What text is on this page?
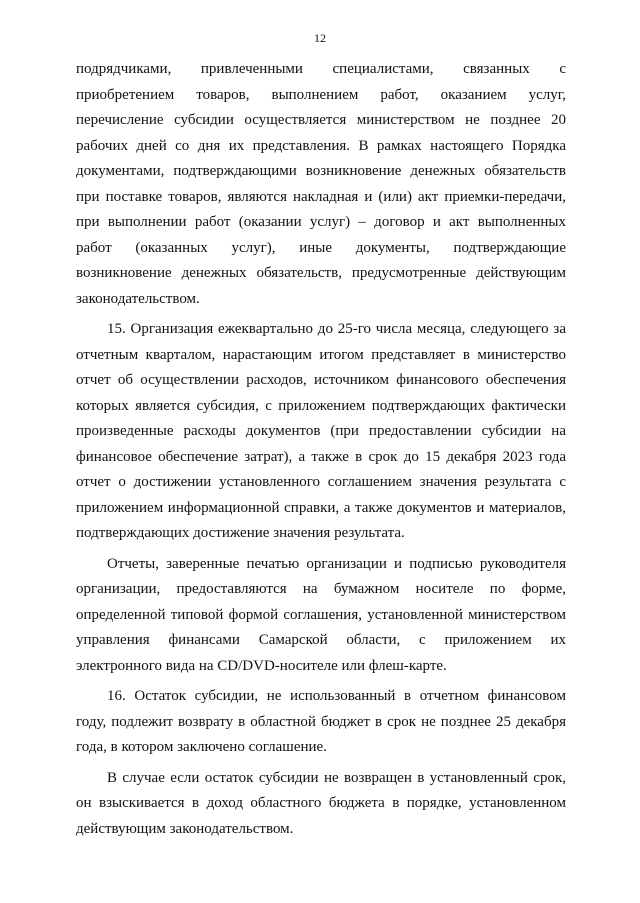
12
подрядчиками, привлеченными специалистами, связанных с
приобретением товаров, выполнением работ, оказанием услуг,
перечисление субсидии осуществляется министерством не позднее 20
рабочих дней со дня их представления. В рамках настоящего Порядка
документами, подтверждающими возникновение денежных обязательств
при поставке товаров, являются накладная и (или) акт приемки-передачи,
при выполнении работ (оказании услуг) – договор и акт выполненных
работ (оказанных услуг), иные документы, подтверждающие
возникновение денежных обязательств, предусмотренные действующим
законодательством.
15. Организация ежеквартально до 25-го числа месяца, следующего за
отчетным кварталом, нарастающим итогом представляет в министерство
отчет об осуществлении расходов, источником финансового обеспечения
которых является субсидия, с приложением подтверждающих фактически
произведенные расходы документов (при предоставлении субсидии на
финансовое обеспечение затрат), а также в срок до 15 декабря 2023 года
отчет о достижении установленного соглашением значения результата с
приложением информационной справки, а также документов и материалов,
подтверждающих достижение значения результата.
Отчеты, заверенные печатью организации и подписью руководителя
организации, предоставляются на бумажном носителе по форме,
определенной типовой формой соглашения, установленной министерством
управления финансами Самарской области, с приложением их
электронного вида на CD/DVD-носителе или флеш-карте.
16. Остаток субсидии, не использованный в отчетном финансовом
году, подлежит возврату в областной бюджет в срок не позднее 25 декабря
года, в котором заключено соглашение.
В случае если остаток субсидии не возвращен в установленный срок,
он взыскивается в доход областного бюджета в порядке, установленном
действующим законодательством.
